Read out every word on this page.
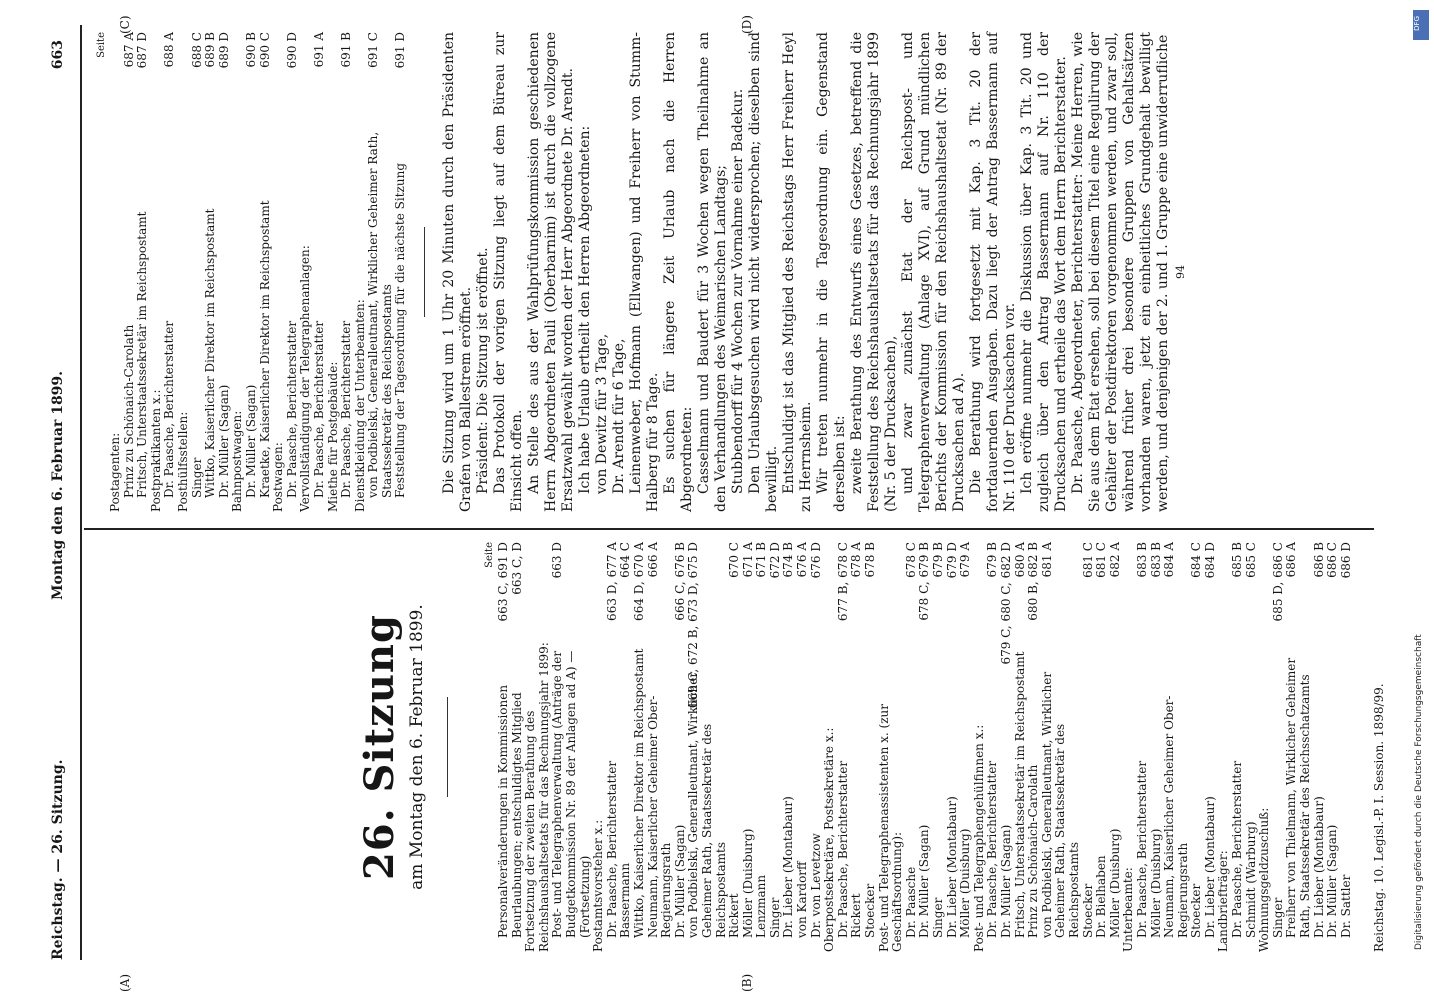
Reichstag. — 26. Sitzung.
Montag den 6. Februar 1899.
663
(A)	(B)
(C)	(D)
26. Sitzung am Montag den 6. Februar 1899.
Seite
Personalveränderungen in Kommissionen
663 C, 691 D
Beurlaubungen; entschuldigtes Mitglied
663 C, D
Fortsetzung der zweiten Berathung des Reichshaushaltsetats für das Rechnungsjahr 1899: Post- und Telegraphenverwaltung (Anträge der Budgetkommission Nr. 89 der Anlagen ad A) — (Fortsetzung)
663 D
Postamtsvorsteher x.: Dr. Paasche, Berichterstatter
663 D, 677 A
Bassermann
664 C
Wittko, Kaiserlicher Direktor im Reichspostamt
664 D, 670 A
Neumann, Kaiserlicher Geheimer Ober-Regierungsrath
666 A
Dr. Müller (Sagan)
666 C, 676 B
von Podbielski, Generalleutnant, Wirklicher Geheimer Rath, Staatssekretär des Reichspostamts
669 C, 672 B, 673 D, 675 D
Rickert
670 C
Möller (Duisburg)
671 A
Lenzmann
671 B
Singer
672 D
Dr. Lieber (Montabaur)
674 B
von Kardorff
676 A
Dr. von Levetzow
676 D
Oberpostsekretäre, Postsekretäre x.: Dr. Paasche, Berichterstatter
677 B, 678 C
Rickert
678 A
Stoecker
678 B
Post- und Telegraphenassistenten x. (zur Geschäftsordnung): Dr. Paasche
678 C
Dr. Müller (Sagan)
678 C, 679 B
Singer
679 B
Dr. Lieber (Montabaur)
679 D
Möller (Duisburg)
679 A
Post- und Telegraphengehülfinnen x.: Dr. Paasche, Berichterstatter
679 B
Dr. Müller (Sagan)
679 C, 680 C, 682 D
Fritsch, Unterstaatssekretär im Reichspostamt
680 A
Prinz zu Schönaich-Carolath
680 B, 682 B
von Podbielski, Generalleutnant, Wirklicher Geheimer Rath, Staatssekretär des Reichspostamts
681 A
Stoecker
681 C
Dr. Bielhaben
681 C
Möller (Duisburg)
682 A
Unterbeamte: Dr. Paasche, Berichterstatter
683 B
Möller (Duisburg)
683 B
Neumann, Kaiserlicher Geheimer Ober-Regierungsrath
684 A
Stoecker
684 C
Dr. Lieber (Montabaur)
684 D
Landbriefträger: Dr. Paasche, Berichterstatter
685 B
Schmidt (Warburg)
685 C
Wohnungsgeldzuschuß: Singer
685 D, 686 C
Freiherr von Thielmann, Wirklicher Geheimer Rath, Staatssekretär des Reichsschatzamts
686 A
Dr. Lieber (Montabaur)
686 B
Dr. Müller (Sagan)
686 C
Dr. Sattler
686 D
Seite
Postagenten: Prinz zu Schönaich-Carolath
687 A
Fritsch, Unterstaatssekretär im Reichspostamt
687 D
Postpraktikanten x.: Dr. Paasche, Berichterstatter
688 A
Posthülfsstellen: Singer
688 C
Wittko, Kaiserlicher Direktor im Reichspostamt
689 B
Dr. Müller (Sagan)
689 D
Bahnpostwagen: Dr. Müller (Sagan)
690 B
Kraetke, Kaiserlicher Direktor im Reichspostamt
690 C
Postwagen: Dr. Paasche, Berichterstatter
690 D
Vervollständigung der Telegraphenanlagen: Dr. Paasche, Berichterstatter
691 A
Miethe für Postgebäude: Dr. Paasche, Berichterstatter
691 B
Dienstkleidung der Unterbeamten: von Podbielski, Generalleutnant, Wirklicher Geheimer Rath, Staatssekretär des Reichspostamts
691 C
Feststellung der Tagesordnung für die nächste Sitzung
691 D Die Sitzung wird um 1 Uhr 20 Minuten durch den Präsidenten Grafen von Ballestrem eröffnet. Präsident: Die Sitzung ist eröffnet. Das Protokoll der vorigen Sitzung liegt auf dem Büreau zur Einsicht offen. An Stelle des aus der Wahlprüfungskommission geschiedenen Herrn Abgeordneten Pauli (Oberbarnim) ist durch die vollzogene Ersatzwahl gewählt worden der Herr Abgeordnete Dr. Arendt. Ich habe Urlaub ertheilt den Herren Abgeordneten: von Dewitz für 3 Tage, Dr. Arendt für 6 Tage, Leinenweber, Hofmann (Ellwangen) und Freiherr von Stumm-Halberg für 8 Tage. Es suchen für längere Zeit Urlaub nach die Herren Abgeordneten: Casselmann und Baudert für 3 Wochen wegen Theilnahme an den Verhandlungen des Weimarischen Landtags; Stubbendorff für 4 Wochen zur Vornahme einer Badekur. Den Urlaubsgesuchen wird nicht widersprochen; dieselben sind bewilligt. Entschuldigt ist das Mitglied des Reichstags Herr Freiherr Heyl zu Herrnsheim. Wir treten nunmehr in die Tagesordnung ein. Gegenstand derselben ist: zweite Berathung des Entwurfs eines Gesetzes, betreffend die Feststellung des Reichshaushaltsetats für das Rechnungsjahr 1899 (Nr. 5 der Drucksachen), und zwar zunächst Etat der Reichspost- und Telegraphenverwaltung (Anlage XVI), auf Grund mündlichen Berichts der Kommission für den Reichshaushaltsetat (Nr. 89 der Drucksachen ad A). Die Berathung wird fortgesetzt mit Kap. 3 Tit. 20 der fortdauernden Ausgaben. Dazu liegt der Antrag Bassermann auf Nr. 110 der Drucksachen vor. Ich eröffne nunmehr die Diskussion über Kap. 3 Tit. 20 und zugleich über den Antrag Bassermann auf Nr. 110 der Drucksachen und ertheile das Wort dem Herrn Berichterstatter. Dr. Paasche, Abgeordneter, Berichterstatter: Meine Herren, wie Sie aus dem Etat ersehen, soll bei diesem Titel eine Regulirung der Gehälter der Postdirektoren vorgenommen werden, und zwar soll, während früher drei besondere Gruppen von Gehaltsätzen vorhanden waren, jetzt ein einheitliches Grundgehalt bewilligt werden, und denjenigen der 2. und 1. Gruppe eine unwiderrufliche 94
Reichstag. 10. Legisl.-P. I. Session. 1898/99.
DFG
Digitalisierung gefördert durch die Deutsche Forschungsgemeinschaft
